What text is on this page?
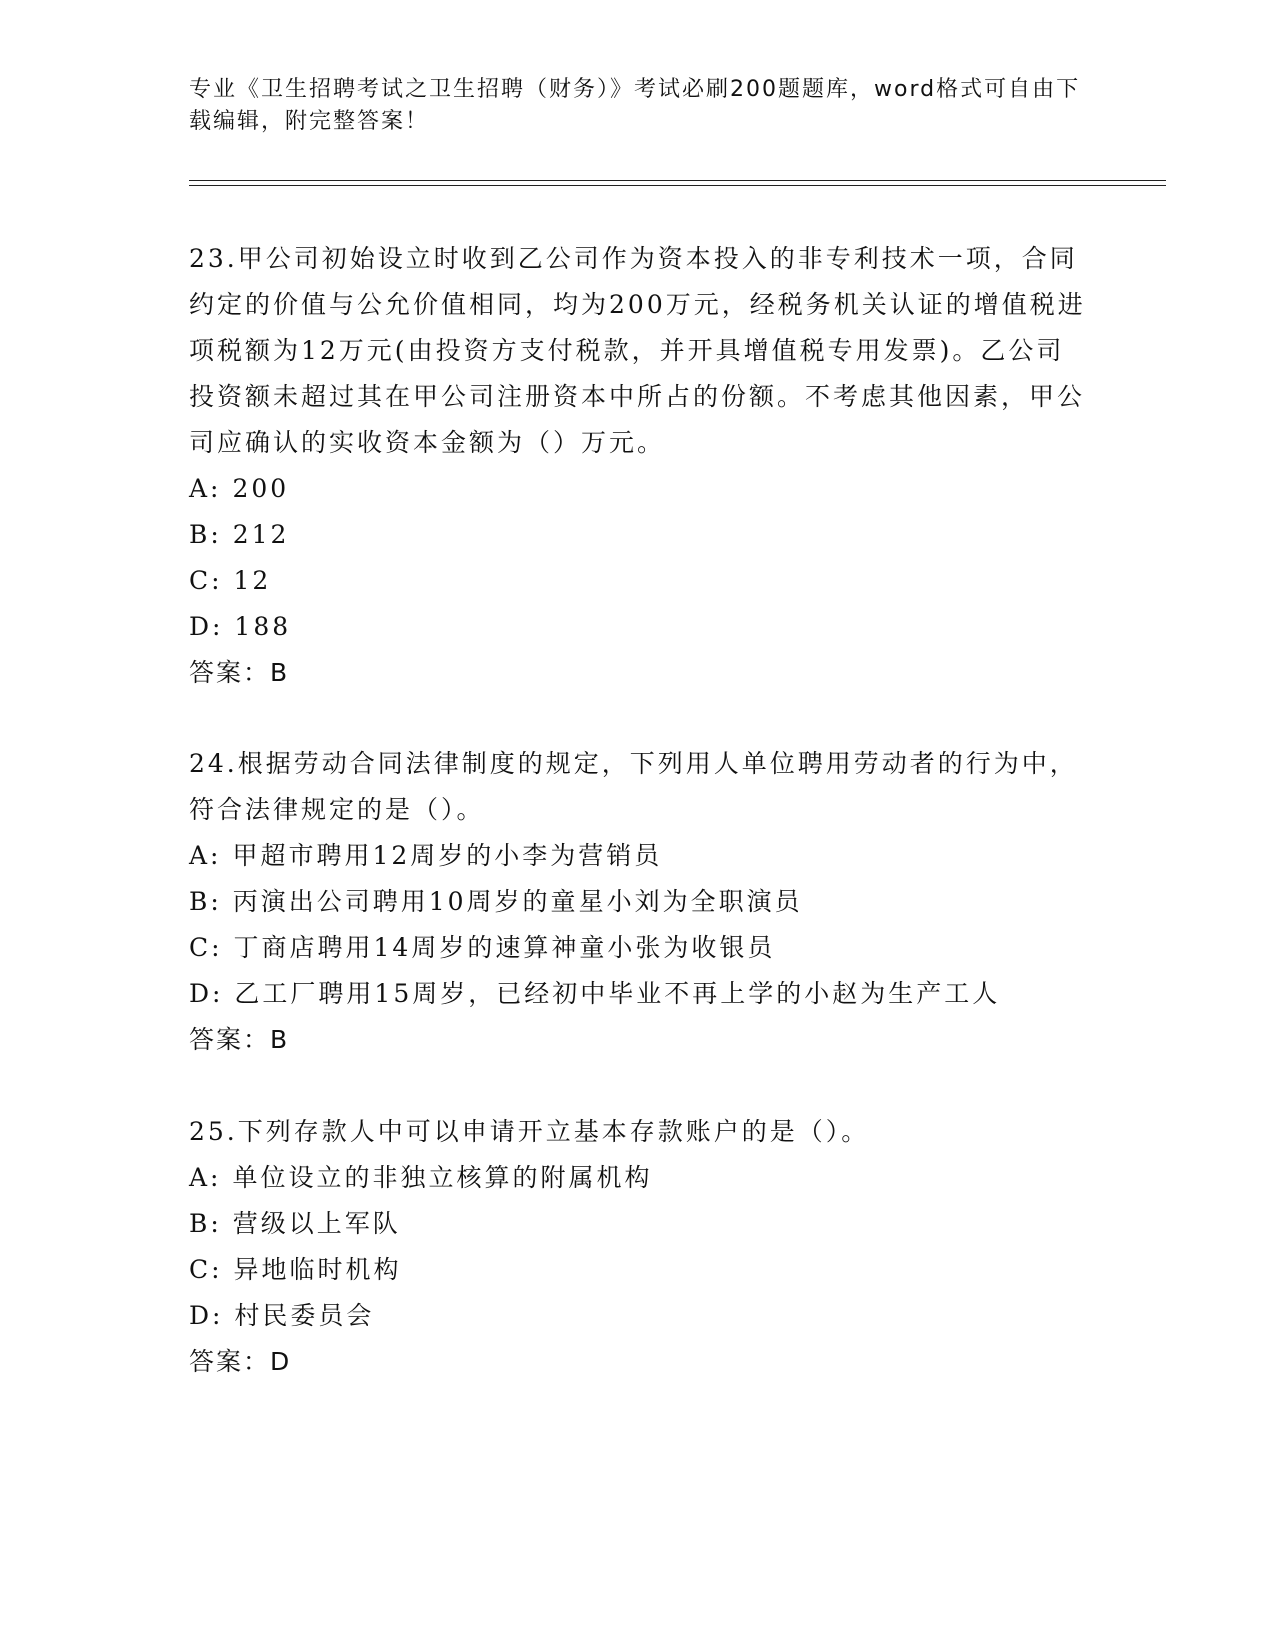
专业《卫生招聘考试之卫生招聘（财务）》考试必刷200题题库，word格式可自由下载编辑，附完整答案！

23.甲公司初始设立时收到乙公司作为资本投入的非专利技术一项，合同约定的价值与公允价值相同，均为200万元，经税务机关认证的增值税进项税额为12万元(由投资方支付税款，并开具增值税专用发票)。乙公司投资额未超过其在甲公司注册资本中所占的份额。不考虑其他因素，甲公司应确认的实收资本金额为（）万元。

A: 200

B: 212

C: 12

D: 188

答案：B

24.根据劳动合同法律制度的规定，下列用人单位聘用劳动者的行为中，符合法律规定的是（）。

A: 甲超市聘用12周岁的小李为营销员

B: 丙演出公司聘用10周岁的童星小刘为全职演员

C: 丁商店聘用14周岁的速算神童小张为收银员

D: 乙工厂聘用15周岁，已经初中毕业不再上学的小赵为生产工人

答案：B

25.下列存款人中可以申请开立基本存款账户的是（）。

A: 单位设立的非独立核算的附属机构

B: 营级以上军队

C: 异地临时机构

D: 村民委员会

答案：D
